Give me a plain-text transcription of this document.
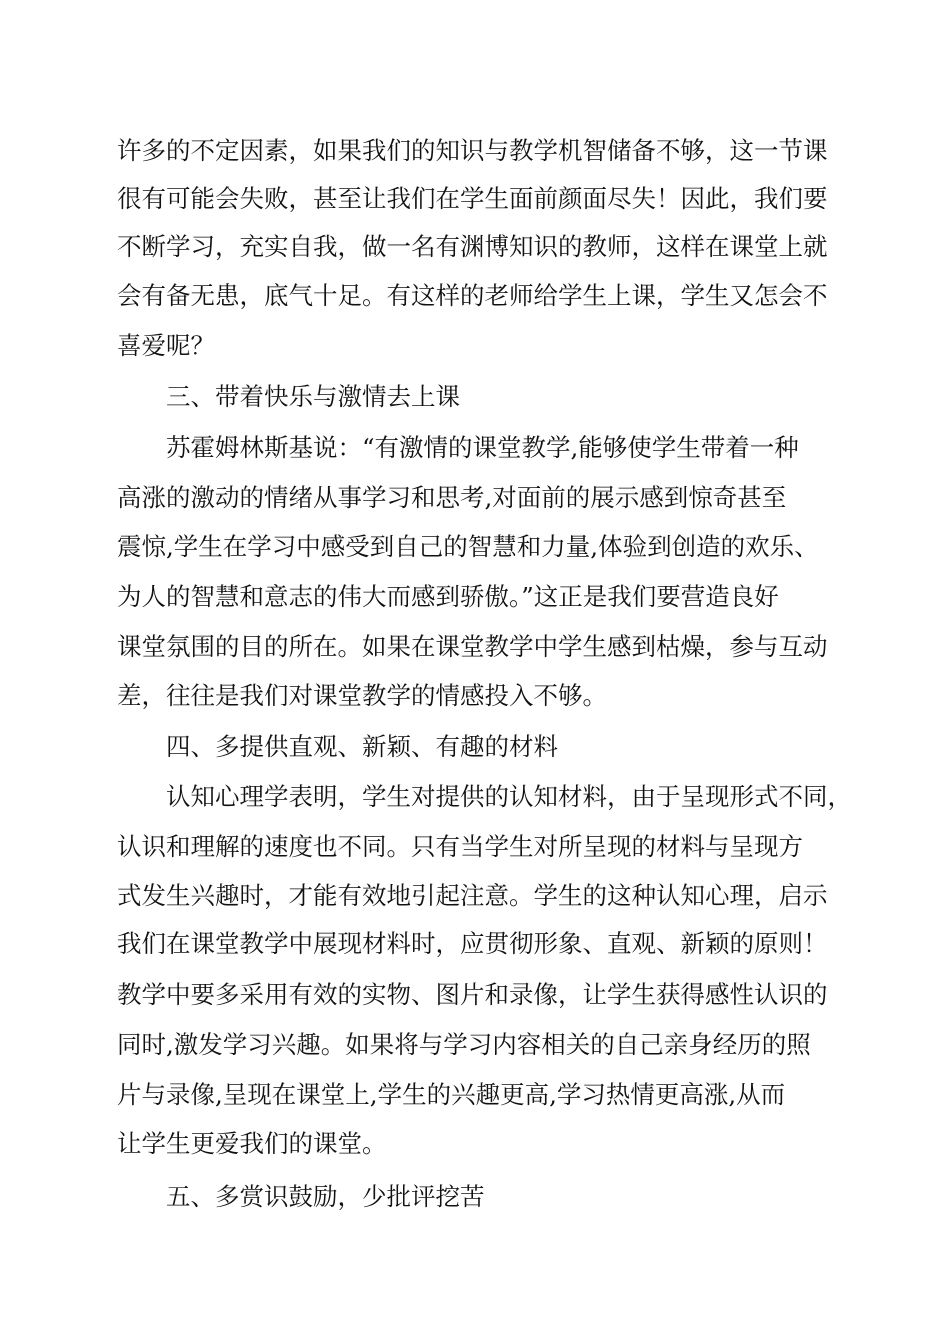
许多的不定因素，如果我们的知识与教学机智储备不够，这一节课

很有可能会失败，甚至让我们在学生面前颜面尽失！因此，我们要

不断学习，充实自我，做一名有渊博知识的教师，这样在课堂上就

会有备无患，底气十足。有这样的老师给学生上课，学生又怎会不

喜爱呢？

三、带着快乐与激情去上课

苏霍姆林斯基说：“有激情的课堂教学,能够使学生带着一种

高涨的激动的情绪从事学习和思考,对面前的展示感到惊奇甚至

震惊,学生在学习中感受到自己的智慧和力量,体验到创造的欢乐、

为人的智慧和意志的伟大而感到骄傲。”这正是我们要营造良好

课堂氛围的目的所在。如果在课堂教学中学生感到枯燥，参与互动

差，往往是我们对课堂教学的情感投入不够。

四、多提供直观、新颖、有趣的材料

认知心理学表明，学生对提供的认知材料，由于呈现形式不同，

认识和理解的速度也不同。只有当学生对所呈现的材料与呈现方

式发生兴趣时，才能有效地引起注意。学生的这种认知心理，启示

我们在课堂教学中展现材料时，应贯彻形象、直观、新颖的原则！

教学中要多采用有效的实物、图片和录像，让学生获得感性认识的

同时,激发学习兴趣。如果将与学习内容相关的自己亲身经历的照

片与录像,呈现在课堂上,学生的兴趣更高,学习热情更高涨,从而

让学生更爱我们的课堂。

五、多赏识鼓励，少批评挖苦
